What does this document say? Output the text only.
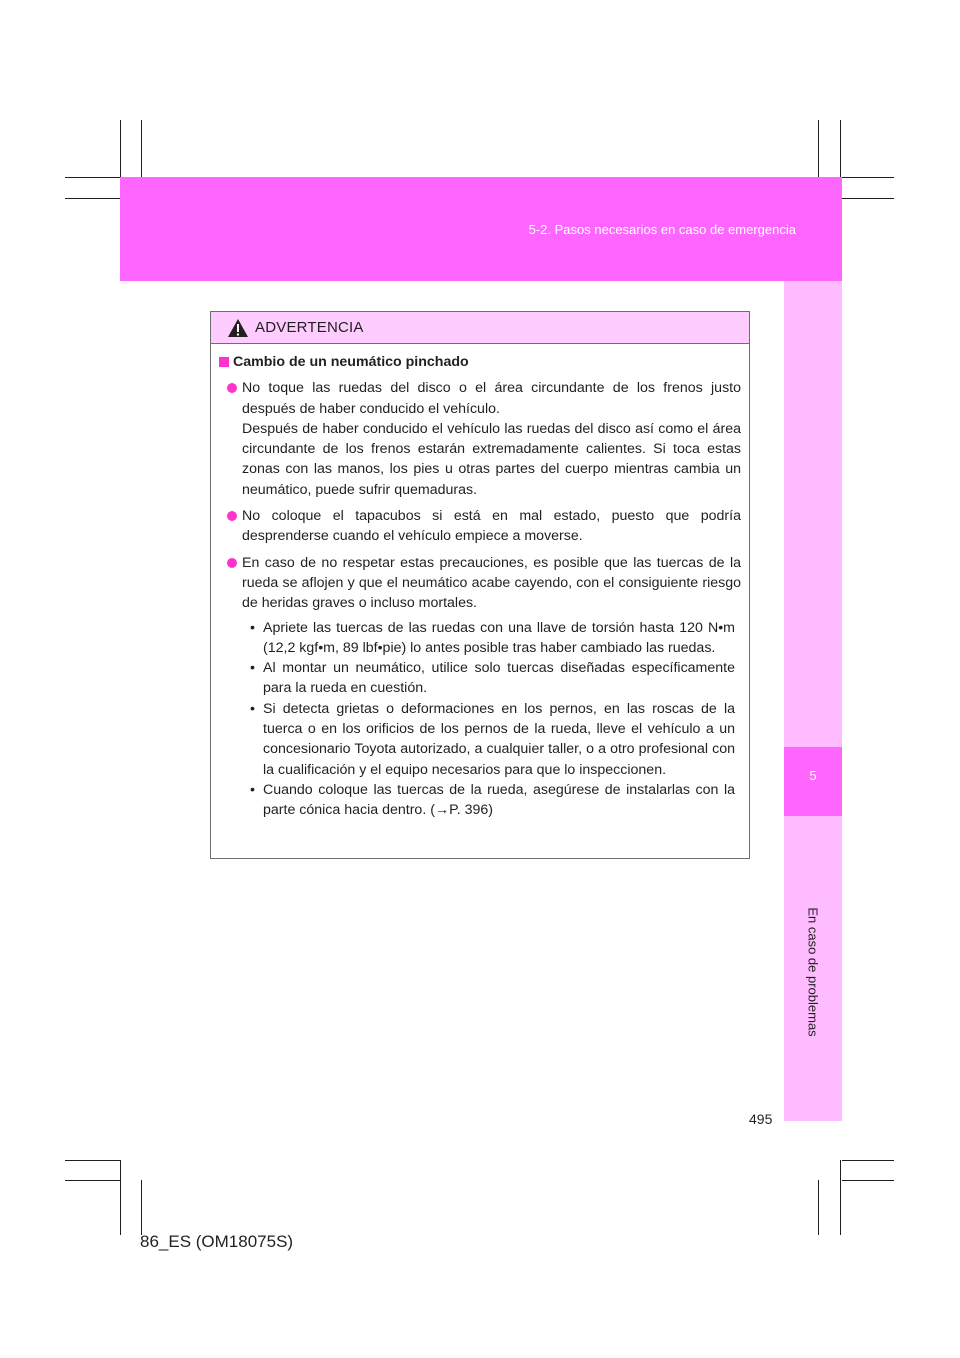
5-2. Pasos necesarios en caso de emergencia
5
En caso de problemas
ADVERTENCIA
Cambio de un neumático pinchado

No toque las ruedas del disco o el área circundante de los frenos justo después de haber conducido el vehículo.

Después de haber conducido el vehículo las ruedas del disco así como el área circundante de los frenos estarán extremadamente calientes. Si toca estas zonas con las manos, los pies u otras partes del cuerpo mientras cambia un neumático, puede sufrir quemaduras.

No coloque el tapacubos si está en mal estado, puesto que podría desprenderse cuando el vehículo empiece a moverse.

En caso de no respetar estas precauciones, es posible que las tuercas de la rueda se aflojen y que el neumático acabe cayendo, con el consiguiente riesgo de heridas graves o incluso mortales.

• Apriete las tuercas de las ruedas con una llave de torsión hasta 120 N•m (12,2 kgf•m, 89 lbf•pie) lo antes posible tras haber cambiado las ruedas.
• Al montar un neumático, utilice solo tuercas diseñadas específicamente para la rueda en cuestión.
• Si detecta grietas o deformaciones en los pernos, en las roscas de la tuerca o en los orificios de los pernos de la rueda, lleve el vehículo a un concesionario Toyota autorizado, a cualquier taller, o a otro profesional con la cualificación y el equipo necesarios para que lo inspeccionen.
• Cuando coloque las tuercas de la rueda, asegúrese de instalarlas con la parte cónica hacia dentro. (→P. 396)
495
86_ES (OM18075S)
